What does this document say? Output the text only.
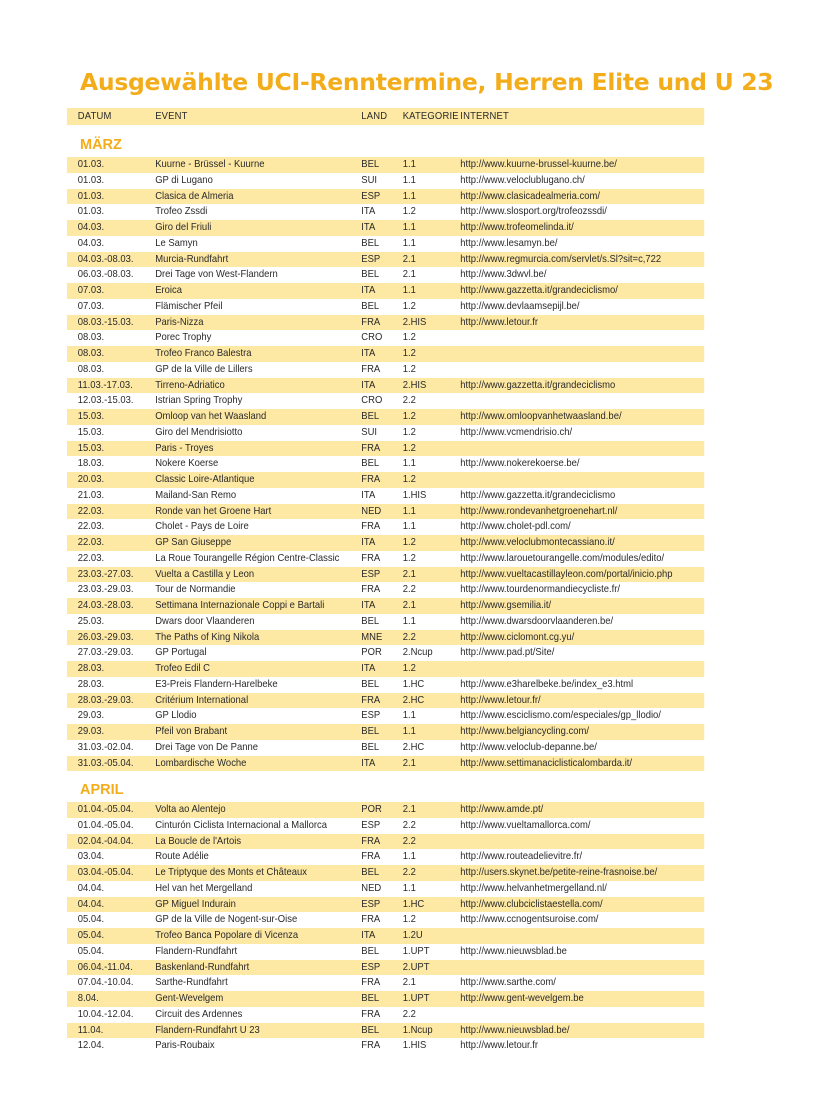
Ausgewählte UCI-Renntermine, Herren Elite und U 23
DATUM	EVENT	LAND KATEGORIE INTERNET
MÄRZ
01.03.	Kuurne - Brüssel - Kuurne	BEL 1.1	http://www.kuurne-brussel-kuurne.be/
01.03.	GP di Lugano	SUI 1.1	http://www.veloclublugano.ch/
01.03.	Clasica de Almeria	ESP 1.1	http://www.clasicadealmeria.com/
01.03.	Trofeo Zssdi	ITA	1.2	http://www.slosport.org/trofeozssdi/
04.03.	Giro del Friuli	ITA	1.1	http://www.trofeomelinda.it/
04.03.	Le Samyn	BEL 1.1	http://www.lesamyn.be/
04.03.-08.03. Murcia-Rundfahrt	ESP 2.1	http://www.regmurcia.com/servlet/s.Sl?sit=c,722
06.03.-08.03. Drei Tage von West-Flandern	BEL 2.1	http://www.3dwvl.be/
07.03.	Eroica	ITA	1.1	http://www.gazzetta.it/grandeciclismo/
07.03.	Flämischer Pfeil	BEL 1.2	http://www.devlaamsepijl.be/
08.03.-15.03. Paris-Nizza	FRA 2.HIS	http://www.letour.fr
08.03.	Porec Trophy	CRO 1.2
08.03.	Trofeo Franco Balestra	ITA	1.2
08.03.	GP de la Ville de Lillers	FRA 1.2
11.03.-17.03. Tirreno-Adriatico	ITA	2.HIS	http://www.gazzetta.it/grandeciclismo
12.03.-15.03. Istrian Spring Trophy	CRO 2.2
15.03.	Omloop van het Waasland	BEL 1.2	http://www.omloopvanhetwaasland.be/
15.03.	Giro del Mendrisiotto	SUI 1.2	http://www.vcmendrisio.ch/
15.03.	Paris - Troyes	FRA 1.2
18.03.	Nokere Koerse	BEL 1.1	http://www.nokerekoerse.be/
20.03.	Classic Loire-Atlantique	FRA 1.2
21.03.	Mailand-San Remo	ITA	1.HIS	http://www.gazzetta.it/grandeciclismo
22.03.	Ronde van het Groene Hart	NED 1.1	http://www.rondevanhetgroenehart.nl/
22.03.	Cholet - Pays de Loire	FRA 1.1	http://www.cholet-pdl.com/
22.03.	GP San Giuseppe	ITA	1.2	http://www.veloclubmontecassiano.it/
22.03.	La Roue Tourangelle Région Centre-Classic FRA 1.2	http://www.larouetourangelle.com/modules/edito/
23.03.-27.03. Vuelta a Castilla y Leon	ESP 2.1	http://www.vueltacastillayleon.com/portal/inicio.php
23.03.-29.03. Tour de Normandie	FRA 2.2	http://www.tourdenormandiecycliste.fr/
24.03.-28.03. Settimana Internazionale Coppi e Bartali	ITA	2.1	http://www.gsemilia.it/
25.03.	Dwars door Vlaanderen	BEL 1.1	http://www.dwarsdoorvlaanderen.be/
26.03.-29.03. The Paths of King Nikola	MNE 2.2	http://www.ciclomont.cg.yu/
27.03.-29.03. GP Portugal	POR 2.Ncup	http://www.pad.pt/Site/
28.03.	Trofeo Edil C	ITA	1.2
28.03.	E3-Preis Flandern-Harelbeke	BEL 1.HC	http://www.e3harelbeke.be/index_e3.html
28.03.-29.03. Critérium International	FRA 2.HC	http://www.letour.fr/
29.03.	GP Llodio	ESP 1.1	http://www.esciclismo.com/especiales/gp_llodio/
29.03.	Pfeil von Brabant	BEL 1.1	http://www.belgiancycling.com/
31.03.-02.04. Drei Tage von De Panne	BEL 2.HC	http://www.veloclub-depanne.be/
31.03.-05.04. Lombardische Woche	ITA	2.1	http://www.settimanaciclisticalombarda.it/
APRIL
01.04.-05.04. Volta ao Alentejo	POR 2.1	http://www.amde.pt/
01.04.-05.04. Cinturón Ciclista Internacional a Mallorca	ESP 2.2	http://www.vueltamallorca.com/
02.04.-04.04. La Boucle de l'Artois	FRA 2.2
03.04.	Route Adélie	FRA 1.1	http://www.routeadelievitre.fr/
03.04.-05.04. Le Triptyque des Monts et Châteaux	BEL 2.2	http://users.skynet.be/petite-reine-frasnoise.be/
04.04.	Hel van het Mergelland	NED 1.1	http://www.helvanhetmergelland.nl/
04.04.	GP Miguel Indurain	ESP 1.HC	http://www.clubciclistaestella.com/
05.04.	GP de la Ville de Nogent-sur-Oise	FRA 1.2	http://www.ccnogentsuroise.com/
05.04.	Trofeo Banca Popolare di Vicenza	ITA	1.2U
05.04.	Flandern-Rundfahrt	BEL 1.UPT	http://www.nieuwsblad.be
06.04.-11.04. Baskenland-Rundfahrt	ESP 2.UPT
07.04.-10.04. Sarthe-Rundfahrt	FRA 2.1	http://www.sarthe.com/
8.04.	Gent-Wevelgem	BEL 1.UPT	http://www.gent-wevelgem.be
10.04.-12.04. Circuit des Ardennes	FRA 2.2
11.04.	Flandern-Rundfahrt U 23	BEL 1.Ncup	http://www.nieuwsblad.be/
12.04.	Paris-Roubaix	FRA 1.HIS	http://www.letour.fr
